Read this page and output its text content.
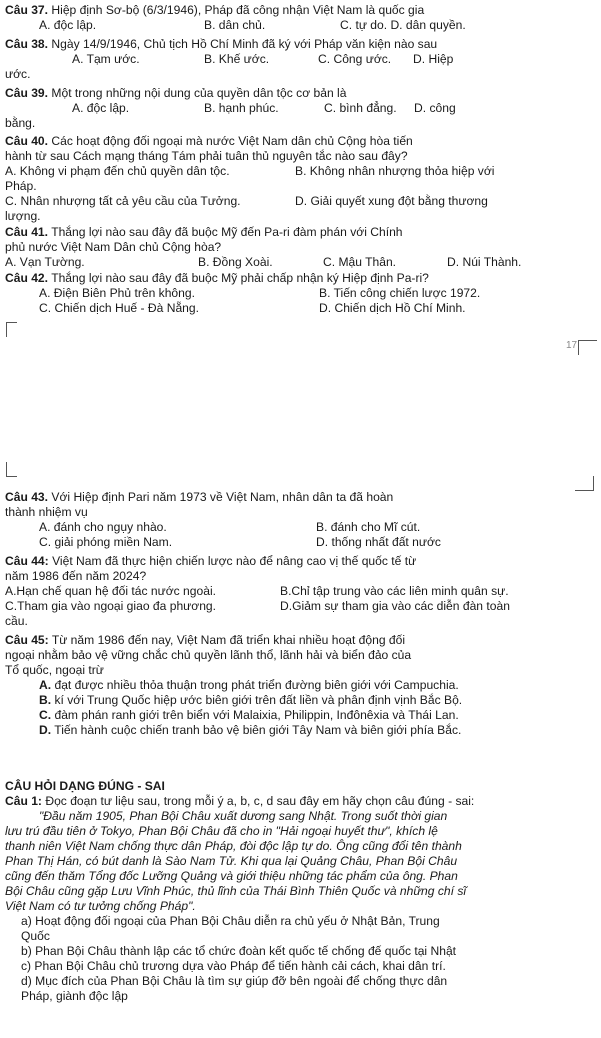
Câu 37. Hiệp định Sơ-bộ (6/3/1946), Pháp đã công nhận Việt Nam là quốc gia
A. độc lập.	B. dân chủ.	C. tự do. D. dân quyền.
Câu 38. Ngày 14/9/1946, Chủ tịch Hồ Chí Minh đã ký với Pháp văn kiện nào sau
A. Tạm ước.	B. Khế ước.	C. Công ước.	D. Hiệp
ước.
Câu 39. Một trong những nội dung của quyền dân tộc cơ bản là
A. độc lập.	B. hạnh phúc.	C. bình đẳng.	D. công
bằng.
Câu 40. Các hoạt động đối ngoại mà nước Việt Nam dân chủ Cộng hòa tiến
hành từ sau Cách mạng tháng Tám phải tuân thủ nguyên tắc nào sau đây?
A. Không vi phạm đến chủ quyền dân tộc.	B. Không nhân nhượng thỏa hiệp với
Pháp.
C. Nhân nhượng tất cả yêu cầu của Tưởng.	D. Giải quyết xung đột bằng thương
lượng.
Câu 41. Thắng lợi nào sau đây đã buộc Mỹ đến Pa-ri đàm phán với Chính
phủ nước Việt Nam Dân chủ Cộng hòa?
A. Vạn Tường.	B. Đồng Xoài.	C. Mậu Thân.	D. Núi Thành.
Câu 42. Thắng lợi nào sau đây đã buộc Mỹ phải chấp nhận ký Hiệp định Pa-ri?
A. Điện Biên Phủ trên không.	B. Tiến công chiến lược 1972.
C. Chiến dịch Huế - Đà Nẵng.	D. Chiến dịch Hồ Chí Minh.
17
Câu 43. Với Hiệp định Pari năm 1973 về Việt Nam, nhân dân ta đã hoàn
thành nhiệm vụ
A. đánh cho ngụy nhào.	B. đánh cho Mĩ cút.
C. giải phóng miền Nam.	D. thống nhất đất nước
Câu 44: Việt Nam đã thực hiện chiến lược nào để nâng cao vị thế quốc tế từ
năm 1986 đến năm 2024?
A.Hạn chế quan hệ đối tác nước ngoài.	B.Chỉ tập trung vào các liên minh quân sự.
C.Tham gia vào ngoại giao đa phương.	D.Giảm sự tham gia vào các diễn đàn toàn
cầu.
Câu 45: Từ năm 1986 đến nay, Việt Nam đã triển khai nhiều hoạt động đối
ngoại nhằm bảo vệ vững chắc chủ quyền lãnh thổ, lãnh hải và biển đảo của
Tổ quốc, ngoại trừ
A. đạt được nhiều thỏa thuận trong phát triển đường biên giới với Campuchia.
B. kí với Trung Quốc hiệp ước biên giới trên đất liền và phân định vịnh Bắc Bộ.
C. đàm phán ranh giới trên biển với Malaixia, Philippin, Inđônêxia và Thái Lan.
D. Tiến hành cuộc chiến tranh bảo vệ biên giới Tây Nam và biên giới phía Bắc.
CÂU HỎI DẠNG ĐÚNG - SAI
Câu 1: Đọc đoạn tư liệu sau, trong mỗi ý a, b, c, d sau đây em hãy chọn câu đúng - sai:
"Đầu năm 1905, Phan Bội Châu xuất dương sang Nhật. Trong suốt thời gian
lưu trú đầu tiên ở Tokyo, Phan Bội Châu đã cho in "Hải ngoại huyết thư", khích lệ
thanh niên Việt Nam chống thực dân Pháp, đòi độc lập tự do. Ông cũng đổi tên thành
Phan Thị Hán, có bút danh là Sào Nam Tử. Khi qua lại Quảng Châu, Phan Bội Châu
cũng đến thăm Tổng đốc Lưỡng Quảng và giới thiệu những tác phẩm của ông. Phan
Bội Châu cũng gặp Lưu Vĩnh Phúc, thủ lĩnh của Thái Bình Thiên Quốc và những chí sĩ
Việt Nam có tư tưởng chống Pháp".
a) Hoạt động đối ngoại của Phan Bội Châu diễn ra chủ yếu ở Nhật Bản, Trung
Quốc
b) Phan Bội Châu thành lập các tổ chức đoàn kết quốc tế chống đế quốc tại Nhật
c) Phan Bội Châu chủ trương dựa vào Pháp để tiến hành cải cách, khai dân trí.
d) Mục đích của Phan Bội Châu là tìm sự giúp đỡ bên ngoài để chống thực dân
Pháp, giành độc lập
